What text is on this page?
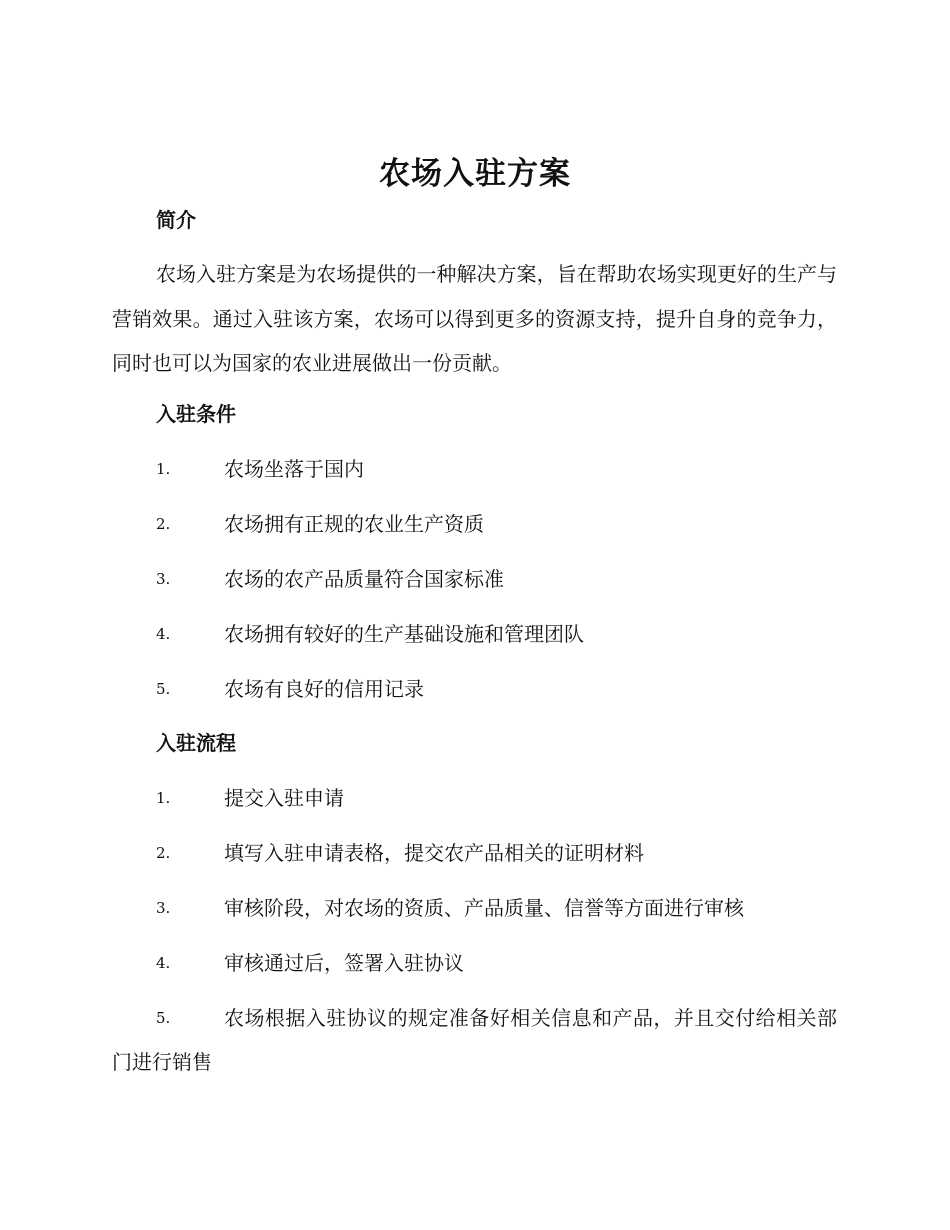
农场入驻方案
简介
农场入驻方案是为农场提供的一种解决方案，旨在帮助农场实现更好的生产与营销效果。通过入驻该方案，农场可以得到更多的资源支持，提升自身的竞争力，同时也可以为国家的农业进展做出一份贡献。
入驻条件
1.	农场坐落于国内
2.	农场拥有正规的农业生产资质
3.	农场的农产品质量符合国家标准
4.	农场拥有较好的生产基础设施和管理团队
5.	农场有良好的信用记录
入驻流程
1.	提交入驻申请
2.	填写入驻申请表格，提交农产品相关的证明材料
3.	审核阶段，对农场的资质、产品质量、信誉等方面进行审核
4.	审核通过后，签署入驻协议
5.	农场根据入驻协议的规定准备好相关信息和产品，并且交付给相关部门进行销售
